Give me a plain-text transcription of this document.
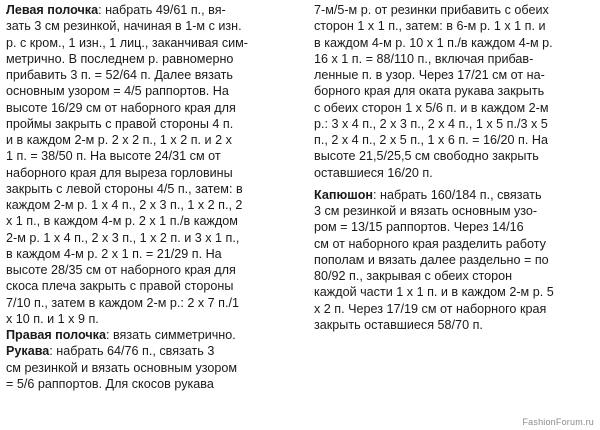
Левая полочка: набрать 49/61 п., вя-
зать 3 см резинкой, начиная в 1-м с изн.
р. с кром., 1 изн., 1 лиц., заканчивая сим-
метрично. В последнем р. равномерно
прибавить 3 п. = 52/64 п. Далее вязать
основным узором = 4/5 раппортов. На
высоте 16/29 см от наборного края для
проймы закрыть с правой стороны 4 п.
и в каждом 2-м р. 2 х 2 п., 1 х 2 п. и 2 х
1 п. = 38/50 п. На высоте 24/31 см от
наборного края для выреза горловины
закрыть с левой стороны 4/5 п., затем: в
каждом 2-м р. 1 х 4 п., 2 х 3 п., 1 х 2 п., 2
х 1 п., в каждом 4-м р. 2 х 1 п./в каждом
2-м р. 1 х 4 п., 2 х 3 п., 1 х 2 п. и 3 х 1 п.,
в каждом 4-м р. 2 х 1 п. = 21/29 п. На
высоте 28/35 см от наборного края для
скоса плеча закрыть с правой стороны
7/10 п., затем в каждом 2-м р.: 2 х 7 п./1
х 10 п. и 1 х 9 п.
Правая полочка: вязать симметрично.
Рукава: набрать 64/76 п., связать 3
см резинкой и вязать основным узором
= 5/6 раппортов. Для скосов рукава
7-м/5-м р. от резинки прибавить с обеих
сторон 1 х 1 п., затем: в 6-м р. 1 х 1 п. и
в каждом 4-м р. 10 х 1 п./в каждом 4-м р.
16 х 1 п. = 88/110 п., включая прибав-
ленные п. в узор. Через 17/21 см от на-
борного края для оката рукава закрыть
с обеих сторон 1 х 5/6 п. и в каждом 2-м
р.: 3 х 4 п., 2 х 3 п., 2 х 4 п., 1 х 5 п./3 х 5
п., 2 х 4 п., 2 х 5 п., 1 х 6 п. = 16/20 п. На
высоте 21,5/25,5 см свободно закрыть
оставшиеся 16/20 п.
Капюшон: набрать 160/184 п., связать
3 см резинкой и вязать основным узо-
ром = 13/15 раппортов. Через 14/16
см от наборного края разделить работу
пополам и вязать далее раздельно = по
80/92 п., закрывая с обеих сторон
каждой части 1 х 1 п. и в каждом 2-м р. 5
х 2 п. Через 17/19 см от наборного края
закрыть оставшиеся 58/70 п.
FashionForum.ru
